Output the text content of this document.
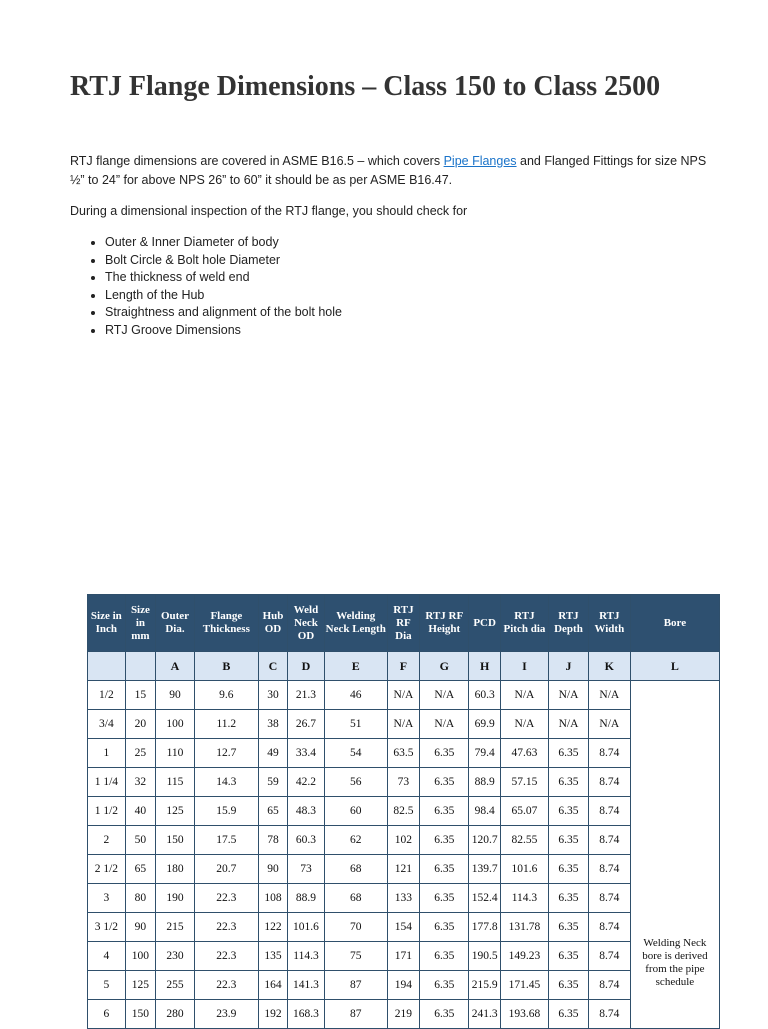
RTJ Flange Dimensions – Class 150 to Class 2500

RTJ flange dimensions are covered in ASME B16.5 – which covers Pipe Flanges and Flanged Fittings for size NPS ½” to 24” for above NPS 26” to 60” it should be as per ASME B16.47.

During a dimensional inspection of the RTJ flange, you should check for

• Outer & Inner Diameter of body
• Bolt Circle & Bolt hole Diameter
• The thickness of weld end
• Length of the Hub
• Straightness and alignment of the bolt hole
• RTJ Groove Dimensions
Size in Inch	Size in mm	Outer Dia.	Flange Thickness	Hub OD	Weld Neck OD	Welding Neck Length	RTJ RF Dia	RTJ RF Height	PCD	RTJ Pitch dia	RTJ Depth	RTJ Width	Bore
		A	B	C	D	E	F	G	H	I	J	K	L
1/2	15	90	9.6	30	21.3	46	N/A	N/A	60.3	N/A	N/A	N/A	Welding Neck bore is derived from the pipe schedule

3/4	20	100	11.2	38	26.7	51	N/A	N/A	69.9	N/A	N/A	N/A	
1	25	110	12.7	49	33.4	54	63.5	6.35	79.4	47.63	6.35	8.74	
1 1/4	32	115	14.3	59	42.2	56	73	6.35	88.9	57.15	6.35	8.74	
1 1/2	40	125	15.9	65	48.3	60	82.5	6.35	98.4	65.07	6.35	8.74	
2	50	150	17.5	78	60.3	62	102	6.35	120.7	82.55	6.35	8.74	
2 1/2	65	180	20.7	90	73	68	121	6.35	139.7	101.6	6.35	8.74	
3	80	190	22.3	108	88.9	68	133	6.35	152.4	114.3	6.35	8.74	
3 1/2	90	215	22.3	122	101.6	70	154	6.35	177.8	131.78	6.35	8.74	
4	100	230	22.3	135	114.3	75	171	6.35	190.5	149.23	6.35	8.74	
5	125	255	22.3	164	141.3	87	194	6.35	215.9	171.45	6.35	8.74	
6	150	280	23.9	192	168.3	87	219	6.35	241.3	193.68	6.35	8.74	
